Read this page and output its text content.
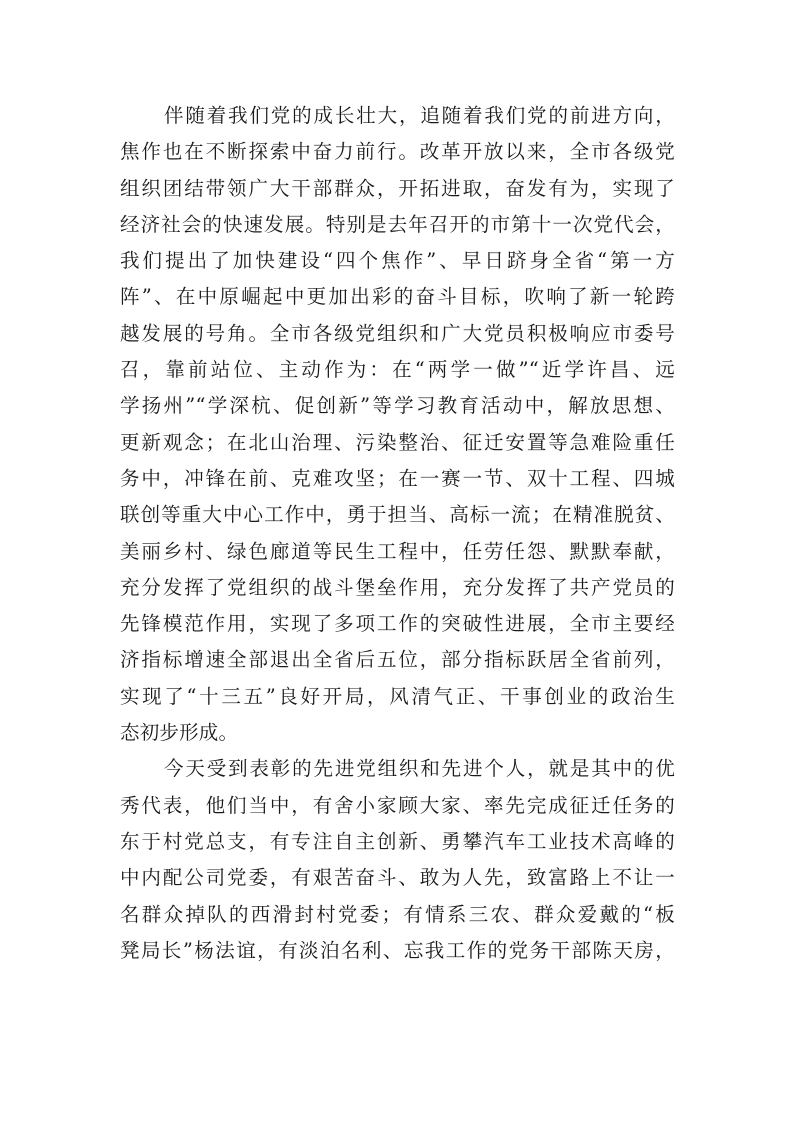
伴随着我们党的成长壮大，追随着我们党的前进方向，
焦作也在不断探索中奋力前行。改革开放以来，全市各级党
组织团结带领广大干部群众，开拓进取，奋发有为，实现了
经济社会的快速发展。特别是去年召开的市第十一次党代会，
我们提出了加快建设“四个焦作”、早日跻身全省“第一方
阵”、在中原崛起中更加出彩的奋斗目标，吹响了新一轮跨
越发展的号角。全市各级党组织和广大党员积极响应市委号
召，靠前站位、主动作为：在“两学一做”“近学许昌、远
学扬州”“学深杭、促创新”等学习教育活动中，解放思想、
更新观念；在北山治理、污染整治、征迁安置等急难险重任
务中，冲锋在前、克难攻坚；在一赛一节、双十工程、四城
联创等重大中心工作中，勇于担当、高标一流；在精准脱贫、
美丽乡村、绿色廊道等民生工程中，任劳任怨、默默奉献，
充分发挥了党组织的战斗堡垒作用，充分发挥了共产党员的
先锋模范作用，实现了多项工作的突破性进展，全市主要经
济指标增速全部退出全省后五位，部分指标跃居全省前列，
实现了“十三五”良好开局，风清气正、干事创业的政治生
态初步形成。

今天受到表彰的先进党组织和先进个人，就是其中的优
秀代表，他们当中，有舍小家顾大家、率先完成征迁任务的
东于村党总支，有专注自主创新、勇攀汽车工业技术高峰的
中内配公司党委，有艰苦奋斗、敢为人先，致富路上不让一
名群众掉队的西滑封村党委；有情系三农、群众爱戴的“板
凳局长”杨法谊，有淡泊名利、忘我工作的党务干部陈天房，
